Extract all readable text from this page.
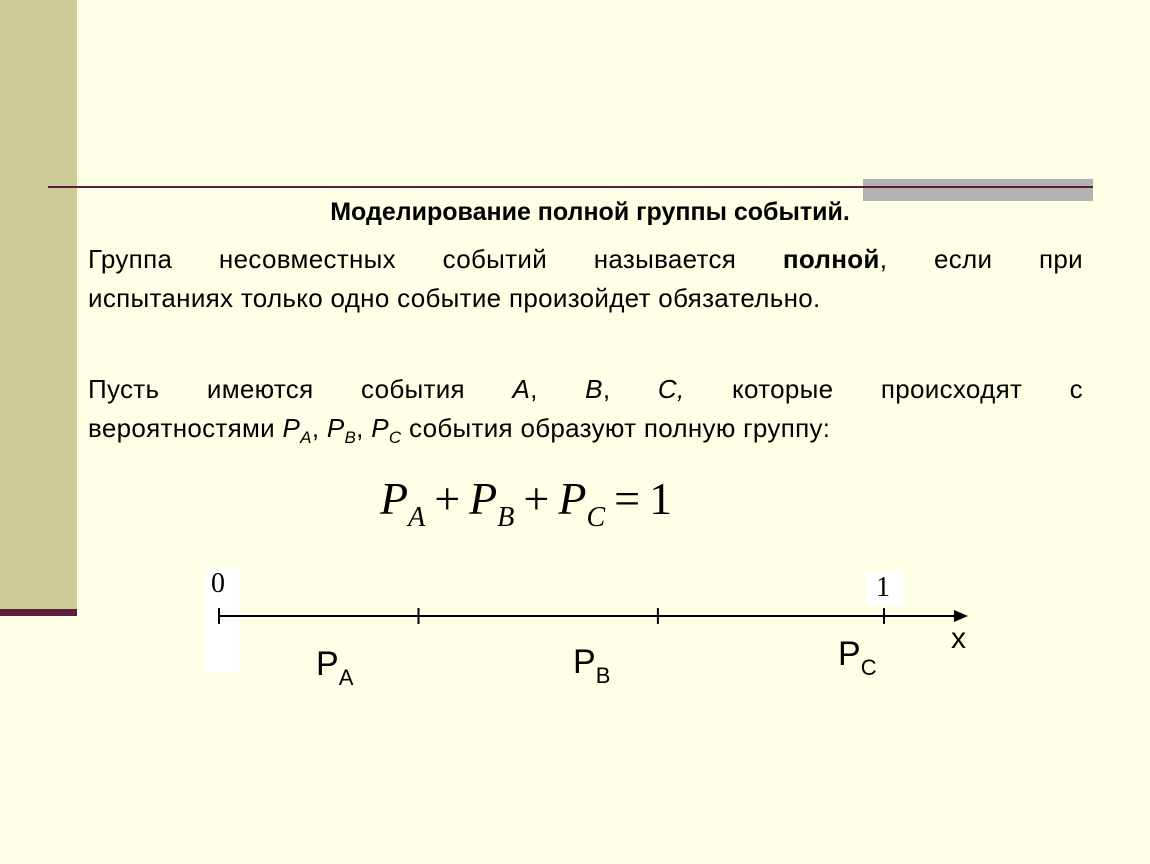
Моделирование полной группы событий.
Группа несовместных событий называется полной, если при
испытаниях только одно событие произойдет обязательно.
Пусть имеются события A, B, C, которые происходят с
вероятностями $P_A$, $P_B$, $P_C$ события образуют полную группу:
$P_A + P_B + P_C = 1$
0	1
$P_A$	$P_B$
$P_C$
x
